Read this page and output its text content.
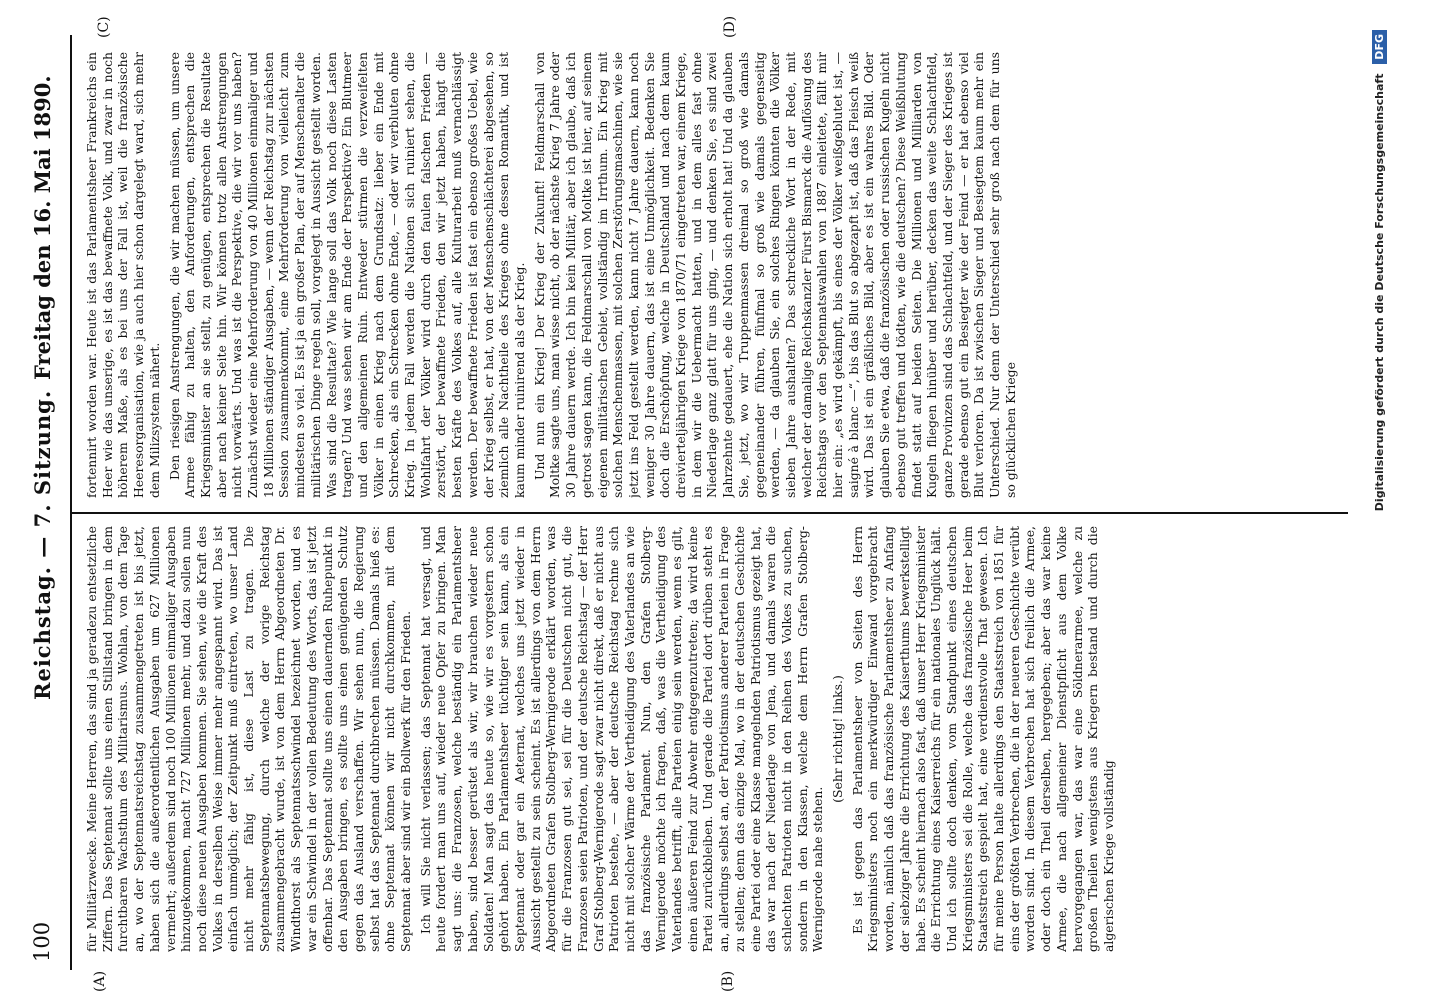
100
Reichstag. — 7. Sitzung.
Freitag den 16. Mai 1890.
(A)	(B)
(C)	(D)

für Militärzwecke. Meine Herren, das sind ja geradezu entsetzliche Ziffern. Das Septennat sollte uns einen Stillstand bringen in dem furchtbaren Wachsthum des Militarismus. Wohlan, von dem Tage an, wo der Septennatsreichstag zusammengetreten ist bis jetzt, haben sich die außerordentlichen Ausgaben um 627 Millionen vermehrt; außerdem sind noch 100 Millionen einmaliger Ausgaben hinzugekommen, macht 727 Millionen mehr, und dazu sollen nun noch diese neuen Ausgaben kommen. Sie sehen, wie die Kraft des Volkes in derselben Weise immer mehr angespannt wird. Das ist einfach unmöglich; der Zeitpunkt muß eintreten, wo unser Land nicht mehr fähig ist, diese Last zu tragen. Die Septennatsbewegung, durch welche der vorige Reichstag zusammengebracht wurde, ist von dem Herrn Abgeordneten Dr. Windthorst als Septennatsschwindel bezeichnet worden, und es war ein Schwindel in der vollen Bedeutung des Worts, das ist jetzt offenbar. Das Septennat sollte uns einen dauernden Ruhepunkt in den Ausgaben bringen, es sollte uns einen genügenden Schutz gegen das Ausland verschaffen. Wir sehen nun, die Regierung selbst hat das Septennat durchbrechen müssen. Damals hieß es: ohne Septennat können wir nicht durchkommen, mit dem Septennat aber sind wir ein Bollwerk für den Frieden. Ich will Sie nicht verlassen; das Septennat hat versagt, und heute fordert man uns auf, wieder neue Opfer zu bringen. Man sagt uns: die Franzosen, welche beständig ein Parlamentsheer haben, sind besser gerüstet als wir, wir brauchen wieder neue Soldaten! Man sagt das heute so, wie wir es vorgestern schon gehört haben. Ein Parlamentsheer tüchtiger sein kann, als ein Septennat oder gar ein Aeternat, welches uns jetzt wieder in Aussicht gestellt zu sein scheint. Es ist allerdings von dem Herrn Abgeordneten Grafen Stolberg-Wernigerode erklärt worden, was für die Franzosen gut sei, sei für die Deutschen nicht gut, die Franzosen seien Patrioten, und der deutsche Reichstag — der Herr Graf Stolberg-Wernigerode sagt zwar nicht direkt, daß er nicht aus Patrioten bestehe, — aber der deutsche Reichstag rechne sich nicht mit solcher Wärme der Vertheidigung des Vaterlandes an wie das französische Parlament. Nun, den Grafen Stolberg-Wernigerode möchte ich fragen, daß, was die Vertheidigung des Vaterlandes betrifft, alle Parteien einig sein werden, wenn es gilt, einen äußeren Feind zur Abwehr entgegenzutreten; da wird keine Partei zurückbleiben. Und gerade die Partei dort drüben steht es an, allerdings selbst an, der Patriotismus anderer Parteien in Frage zu stellen; denn das einzige Mal, wo in der deutschen Geschichte eine Partei oder eine Klasse mangelnden Patriotismus gezeigt hat, das war nach der Niederlage von Jena, und damals waren die schlechten Patrioten nicht in den Reihen des Volkes zu suchen, sondern in den Klassen, welche dem Herrn Grafen Stolberg-Wernigerode nahe stehen.

(Sehr richtig! links.) Es ist gegen das Parlamentsheer von Seiten des Herrn Kriegsministers noch ein merkwürdiger Einwand vorgebracht worden, nämlich daß das französische Parlamentsheer zu Anfang der siebziger Jahre die Errichtung des Kaiserthums bewerkstelligt habe. Es scheint hiernach also fast, daß unser Herr Kriegsminister die Errichtung eines Kaiserreichs für ein nationales Unglück hält. Und ich sollte doch denken, vom Standpunkt eines deutschen Kriegsministers sei die Rolle, welche das französische Heer beim Staatsstreich gespielt hat, eine verdienstvolle That gewesen. Ich für meine Person halte allerdings den Staatsstreich von 1851 für eins der größten Verbrechen, die in der neueren Geschichte verübt worden sind. In diesem Verbrechen hat sich freilich die Armee, oder doch ein Theil derselben, hergegeben; aber das war keine Armee, die nach allgemeiner Dienstpflicht aus dem Volke hervorgegangen war, das war eine Söldnerarmee, welche zu großen Theilen wenigstens aus Kriegern bestand und durch die algerischen Kriege vollständig

fortennirt worden war. Heute ist das Parlamentsheer Frankreichs ein Heer wie das unserige, es ist das bewaffnete Volk, und zwar in noch höherem Maße, als es bei uns der Fall ist, weil die französische Heeresorganisation, wie ja auch hier schon dargelegt ward, sich mehr dem Milizsystem nähert. Den riesigen Anstrengungen, die wir machen müssen, um unsere Armee fähig zu halten, den Anforderungen, entsprechen die Kriegsminister an sie stellt, zu genügen, entsprechen die Resultate aber nach keiner Seite hin. Wir können trotz allen Anstrengungen nicht vorwärts. Und was ist die Perspektive, die wir vor uns haben? Zunächst wieder eine Mehrforderung von 40 Millionen einmaliger und 18 Millionen ständiger Ausgaben, — wenn der Reichstag zur nächsten Session zusammenkommt, eine Mehrforderung von vielleicht zum mindesten so viel. Es ist ja ein großer Plan, der auf Menschenalter die militärischen Dinge regeln soll, vorgelegt in Aussicht gestellt worden. Was sind die Resultate? Wie lange soll das Volk noch diese Lasten tragen? Und was sehen wir am Ende der Perspektive? Ein Blutmeer und den allgemeinen Ruin. Entweder stürmen die verzweifelten Völker in einen Krieg nach dem Grundsatz: lieber ein Ende mit Schrecken, als ein Schrecken ohne Ende, — oder wir verbluten ohne Krieg. In jedem Fall werden die Nationen sich ruiniert sehen, die Wohlfahrt der Völker wird durch den faulen falschen Frieden — zerstört, der bewaffnete Frieden, den wir jetzt haben, hängt die besten Kräfte des Volkes auf, alle Kulturarbeit muß vernachlässigt werden. Der bewaffnete Frieden ist fast ein ebenso großes Uebel, wie der Krieg selbst, er hat, von der Menschenschlächterei abgesehen, so ziemlich alle Nachtheile des Krieges ohne dessen Romantik, und ist kaum minder ruinirend als der Krieg. Und nun ein Krieg! Der Krieg der Zukunft! Feldmarschall von Moltke sagte uns, man wisse nicht, ob der nächste Krieg 7 Jahre oder 30 Jahre dauern werde. Ich bin kein Militär, aber ich glaube, daß ich getrost sagen kann, die Feldmarschall von Moltke ist hier, auf seinem eigenen militärischen Gebiet, vollständig im Irrthum. Ein Krieg mit solchen Menschenmassen, mit solchen Zerstörungsmaschinen, wie sie jetzt ins Feld gestellt werden, kann nicht 7 Jahre dauern, kann noch weniger 30 Jahre dauern, das ist eine Unmöglichkeit. Bedenken Sie doch die Erschöpfung, welche in Deutschland und nach dem kaum dreivierteljährigen Kriege von 1870/71 eingetreten war, einem Kriege, in dem wir die Uebermacht hatten, und in dem alles fast ohne Niederlage ganz glatt für uns ging, — und denken Sie, es sind zwei Jahrzehnte gedauert, ehe die Nation sich erholt hat! Und da glauben Sie, jetzt, wo wir Truppenmassen dreimal so groß wie damals gegeneinander führen, fünfmal so groß wie damals gegenseitig werden, — da glauben Sie, ein solches Ringen könnten die Völker sieben Jahre aushalten? Das schreckliche Wort in der Rede, mit welcher der damalige Reichskanzler Fürst Bismarck die Auflösung des Reichstags vor den Septennatswahlen von 1887 einleitete, fällt mir hier ein: „es wird gekämpft, bis eines der Völker weißgeblutet ist, — saigné à blanc —“, bis das Blut so abgezapft ist, daß das Fleisch weiß wird. Das ist ein gräßliches Bild, aber es ist ein wahres Bild. Oder glauben Sie etwa, daß die französischen oder russischen Kugeln nicht ebenso gut treffen und tödten, wie die deutschen? Diese Weißblutung findet statt auf beiden Seiten. Die Millionen und Milliarden von Kugeln fliegen hinüber und herüber, decken das weite Schlachtfeld, ganze Provinzen sind das Schlachtfeld, und der Sieger des Krieges ist gerade ebenso gut ein Besiegter wie der Feind — er hat ebenso viel Blut verloren. Da ist zwischen Sieger und Besiegtem kaum mehr ein Unterschied. Nur denn der Unterschied sehr groß nach dem für uns so glücklichen Kriege	Digitalisierung gefördert durch die Deutsche Forschungsgemeinschaft DFG
